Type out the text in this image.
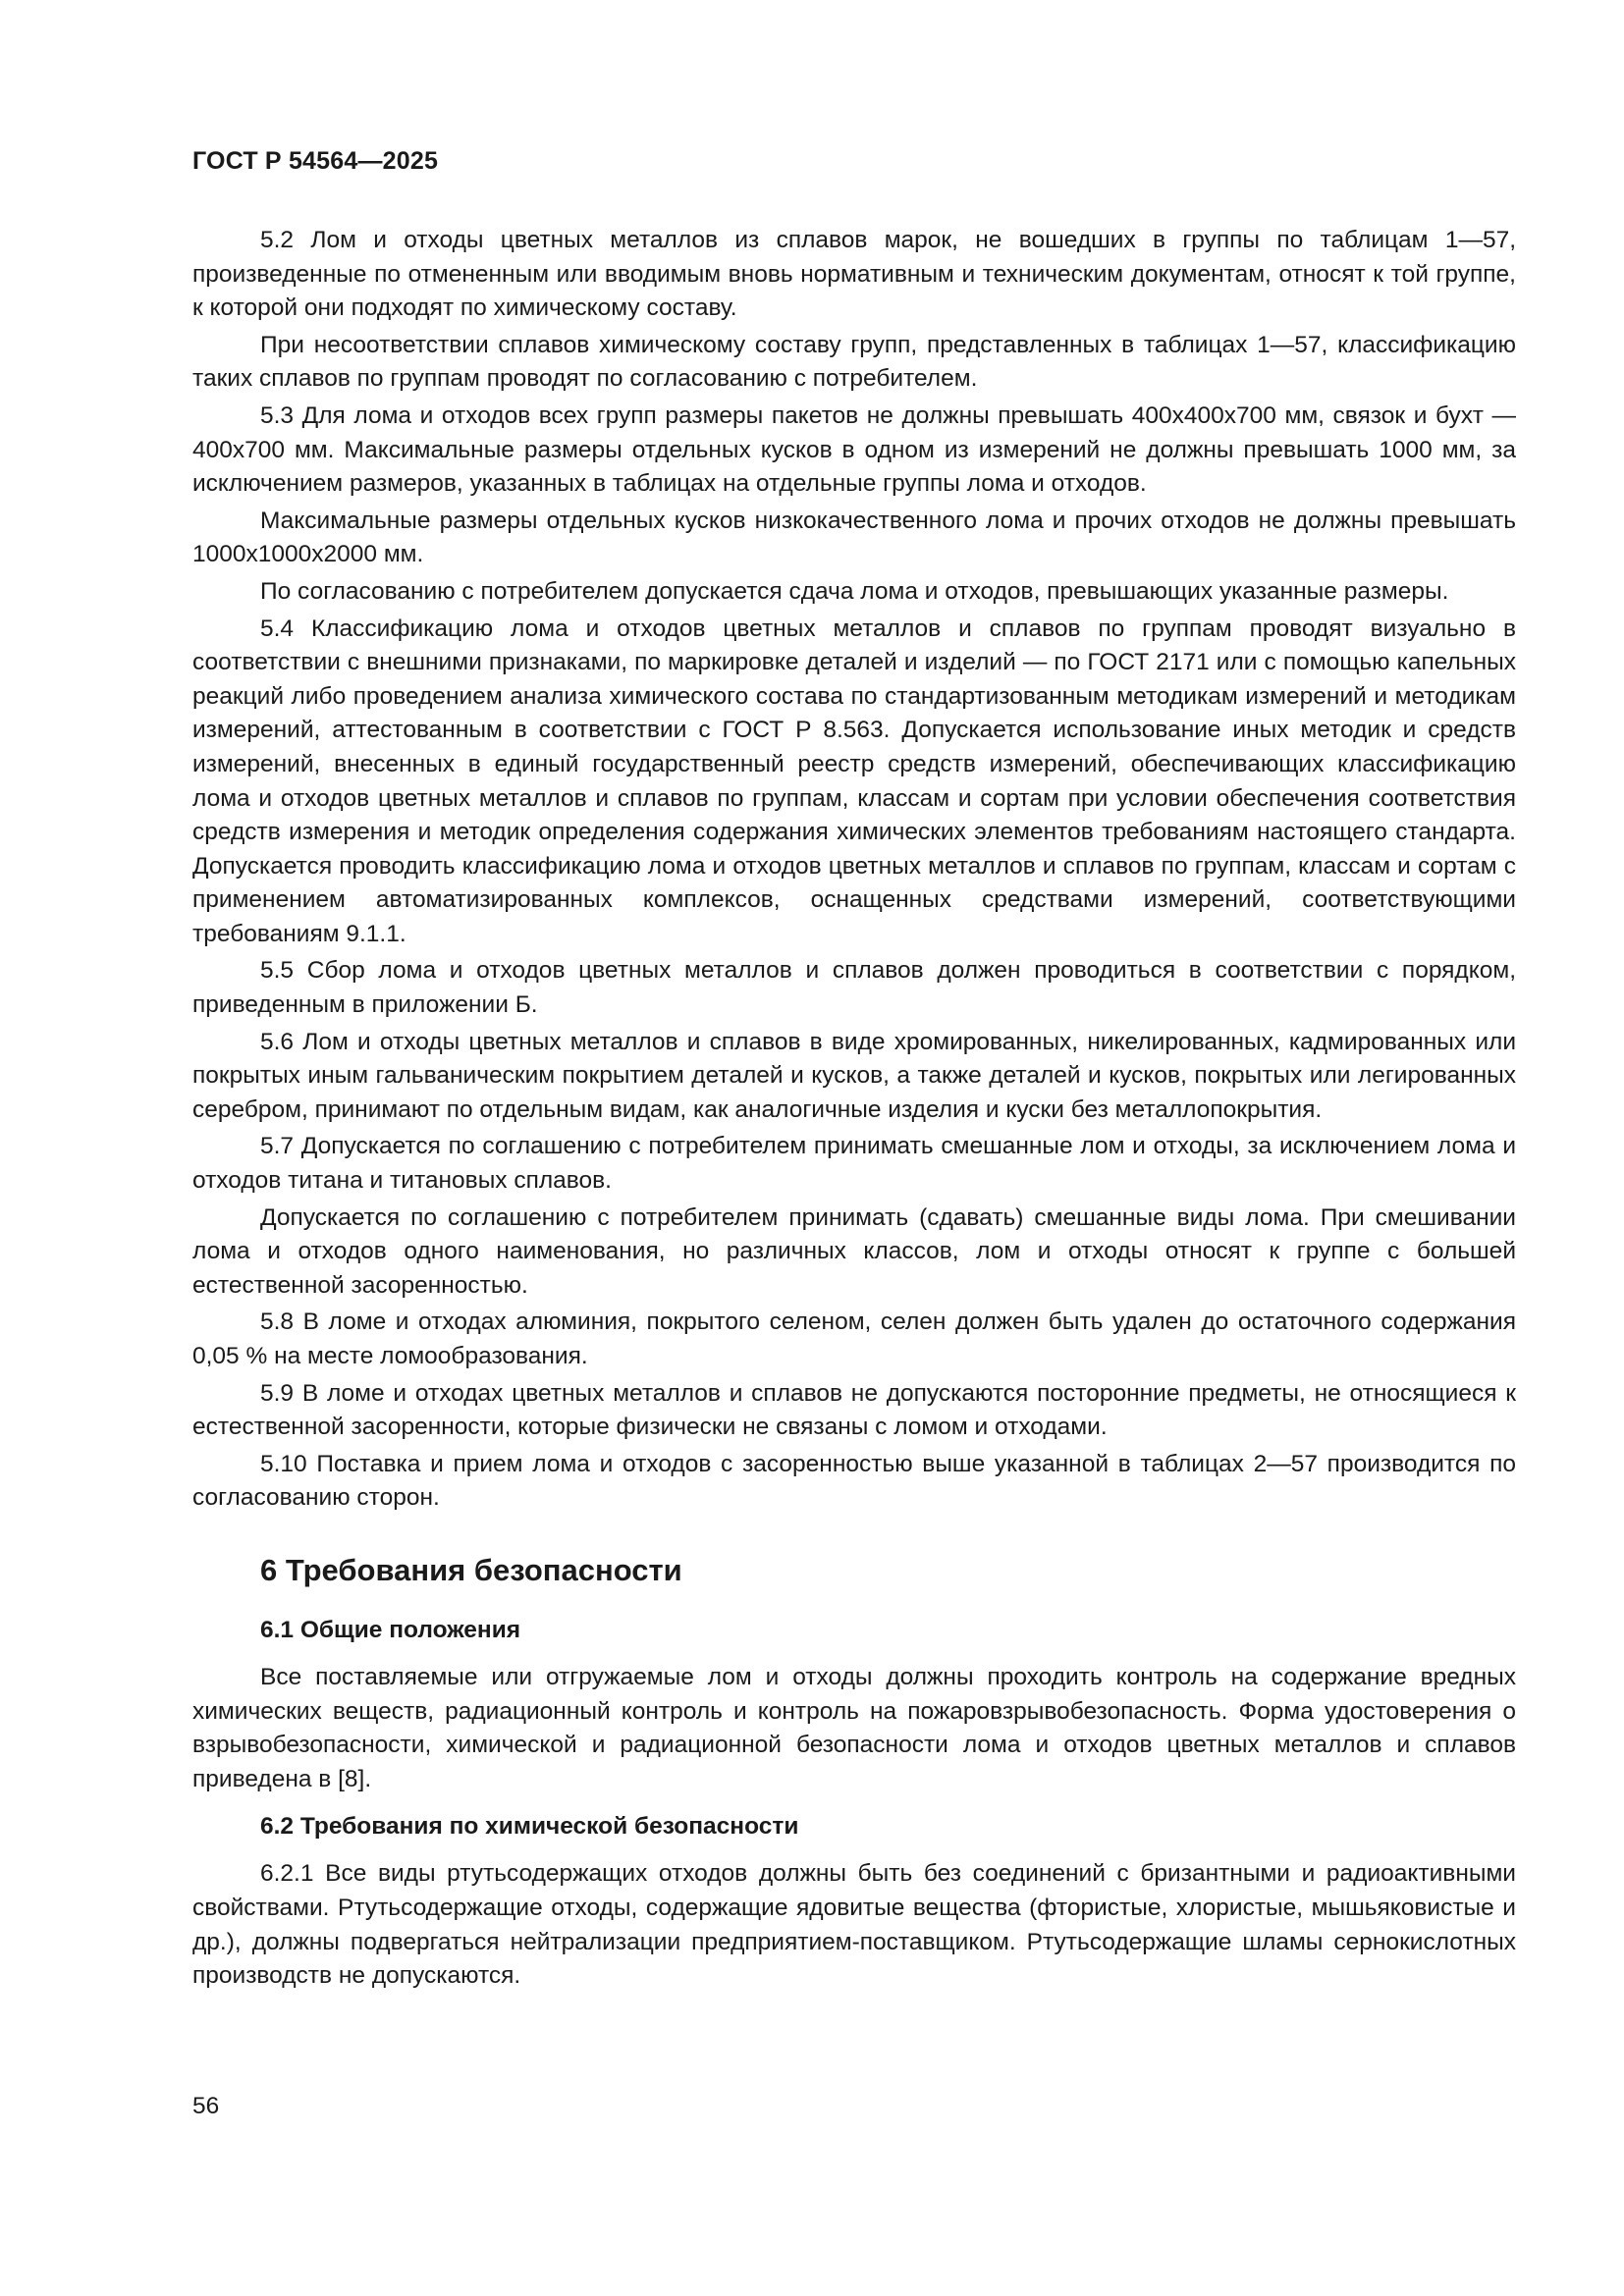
ГОСТ Р 54564—2025

5.2 Лом и отходы цветных металлов из сплавов марок, не вошедших в группы по таблицам 1—57, произведенные по отмененным или вводимым вновь нормативным и техническим документам, относят к той группе, к которой они подходят по химическому составу.

При несоответствии сплавов химическому составу групп, представленных в таблицах 1—57, классификацию таких сплавов по группам проводят по согласованию с потребителем.

5.3 Для лома и отходов всех групп размеры пакетов не должны превышать 400x400x700 мм, связок и бухт — 400x700 мм. Максимальные размеры отдельных кусков в одном из измерений не должны превышать 1000 мм, за исключением размеров, указанных в таблицах на отдельные группы лома и отходов.

Максимальные размеры отдельных кусков низкокачественного лома и прочих отходов не должны превышать 1000x1000x2000 мм.

По согласованию с потребителем допускается сдача лома и отходов, превышающих указанные размеры.

5.4 Классификацию лома и отходов цветных металлов и сплавов по группам проводят визуально в соответствии с внешними признаками, по маркировке деталей и изделий — по ГОСТ 2171 или с помощью капельных реакций либо проведением анализа химического состава по стандартизованным методикам измерений и методикам измерений, аттестованным в соответствии с ГОСТ Р 8.563. Допускается использование иных методик и средств измерений, внесенных в единый государственный реестр средств измерений, обеспечивающих классификацию лома и отходов цветных металлов и сплавов по группам, классам и сортам при условии обеспечения соответствия средств измерения и методик определения содержания химических элементов требованиям настоящего стандарта. Допускается проводить классификацию лома и отходов цветных металлов и сплавов по группам, классам и сортам с применением автоматизированных комплексов, оснащенных средствами измерений, соответствующими требованиям 9.1.1.

5.5 Сбор лома и отходов цветных металлов и сплавов должен проводиться в соответствии с порядком, приведенным в приложении Б.

5.6 Лом и отходы цветных металлов и сплавов в виде хромированных, никелированных, кадмированных или покрытых иным гальваническим покрытием деталей и кусков, а также деталей и кусков, покрытых или легированных серебром, принимают по отдельным видам, как аналогичные изделия и куски без металлопокрытия.

5.7 Допускается по соглашению с потребителем принимать смешанные лом и отходы, за исключением лома и отходов титана и титановых сплавов.

Допускается по соглашению с потребителем принимать (сдавать) смешанные виды лома. При смешивании лома и отходов одного наименования, но различных классов, лом и отходы относят к группе с большей естественной засоренностью.

5.8 В ломе и отходах алюминия, покрытого селеном, селен должен быть удален до остаточного содержания 0,05 % на месте ломообразования.

5.9 В ломе и отходах цветных металлов и сплавов не допускаются посторонние предметы, не относящиеся к естественной засоренности, которые физически не связаны с ломом и отходами.

5.10 Поставка и прием лома и отходов с засоренностью выше указанной в таблицах 2—57 производится по согласованию сторон.

6 Требования безопасности
6.1 Общие положения

Все поставляемые или отгружаемые лом и отходы должны проходить контроль на содержание вредных химических веществ, радиационный контроль и контроль на пожаровзрывобезопасность. Форма удостоверения о взрывобезопасности, химической и радиационной безопасности лома и отходов цветных металлов и сплавов приведена в [8].

6.2 Требования по химической безопасности

6.2.1 Все виды ртутьсодержащих отходов должны быть без соединений с бризантными и радиоактивными свойствами. Ртутьсодержащие отходы, содержащие ядовитые вещества (фтористые, хлористые, мышьяковистые и др.), должны подвергаться нейтрализации предприятием-поставщиком. Ртутьсодержащие шламы сернокислотных производств не допускаются.

56
